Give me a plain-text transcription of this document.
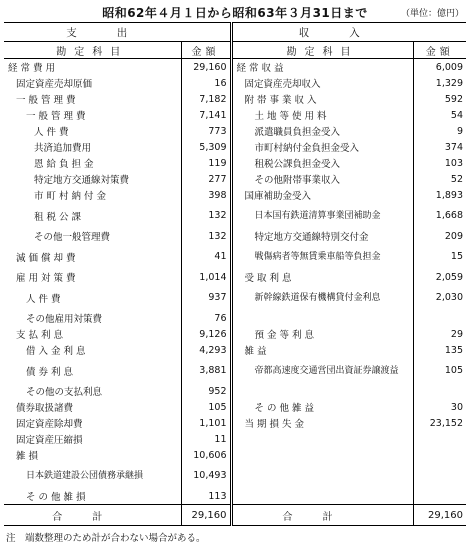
昭和62年４月１日から昭和63年３月31日まで	（単位：億円）
支出		収入	
勘定科目	金額	勘定科目	金額
経常費用	29,160	経常収益	6,009
固定資産売却原価	16	固定資産売却収入	1,329
一般管理費	7,182	附帯事業収入	592
一般管理費	7,141	土地等使用料	54
人件費	773	派遣職員負担金受入	9
共済追加費用	5,309	市町村納付金負担金受入	374
恩給負担金	119	租税公課負担金受入	103
特定地方交通線対策費	277	その他附帯事業収入	52
市町村納付金	398	国庫補助金受入	1,893
租税公課	132	日本国有鉄道清算事業団補助金	1,668
その他一般管理費	132	特定地方交通線特別交付金	209
減価償却費	41	戦傷病者等無賃乗車船等負担金	15
雇用対策費	1,014	受取利息	2,059
人件費	937	新幹線鉄道保有機構貸付金利息	2,030
その他雇用対策費	76		
支払利息	9,126	預金等利息	29
借入金利息	4,293	雑益	135
債券利息	3,881	帝都高速度交通営団出資証券譲渡益	105
その他の支払利息	952		
債券取扱諸費	105	その他雑益	30
固定資産除却費	1,101	当期損失金	23,152
固定資産圧縮損	11		
雑損	10,606		

日本鉄道建設公団債務承継損	10,493		
その他雑損	113		
合計	29,160	合計	29,160
注　端数整理のため計が合わない場合がある。
